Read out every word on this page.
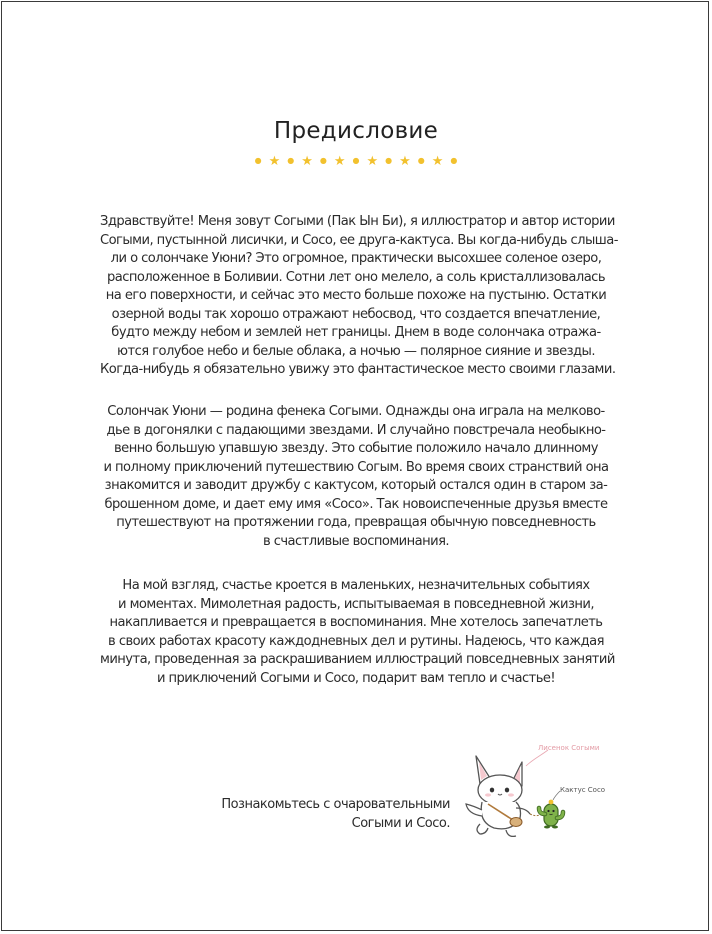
Предисловие
● ★ ● ★ ● ★ ● ★ ● ★ ● ★ ●
Здравствуйте! Меня зовут Согыми (Пак Ын Би), я иллюстратор и автор истории
Согыми, пустынной лисички, и Сосо, ее друга-кактуса. Вы когда-нибудь слыша-
ли о солончаке Уюни? Это огромное, практически высохшее соленое озеро,
расположенное в Боливии. Сотни лет оно мелело, а соль кристаллизовалась
на его поверхности, и сейчас это место больше похоже на пустыню. Остатки
озерной воды так хорошо отражают небосвод, что создается впечатление,
будто между небом и землей нет границы. Днем в воде солончака отража-
ются голубое небо и белые облака, а ночью — полярное сияние и звезды.
Когда-нибудь я обязательно увижу это фантастическое место своими глазами.
Солончак Уюни — родина фенека Согыми. Однажды она играла на мелково-
дье в догонялки с падающими звездами. И случайно повстречала необыкно-
венно большую упавшую звезду. Это событие положило начало длинному
и полному приключений путешествию Согым. Во время своих странствий она
знакомится и заводит дружбу с кактусом, который остался один в старом за-
брошенном доме, и дает ему имя «Сосо». Так новоиспеченные друзья вместе
путешествуют на протяжении года, превращая обычную повседневность
в счастливые воспоминания.
На мой взгляд, счастье кроется в маленьких, незначительных событиях
и моментах. Мимолетная радость, испытываемая в повседневной жизни,
накапливается и превращается в воспоминания. Мне хотелось запечатлеть
в своих работах красоту каждодневных дел и рутины. Надеюсь, что каждая
минута, проведенная за раскрашиванием иллюстраций повседневных занятий
и приключений Согыми и Сосо, подарит вам тепло и счастье!
Познакомьтесь с очаровательными
Согыми и Сосо.
Лисенок Согыми
Кактус Сосо
